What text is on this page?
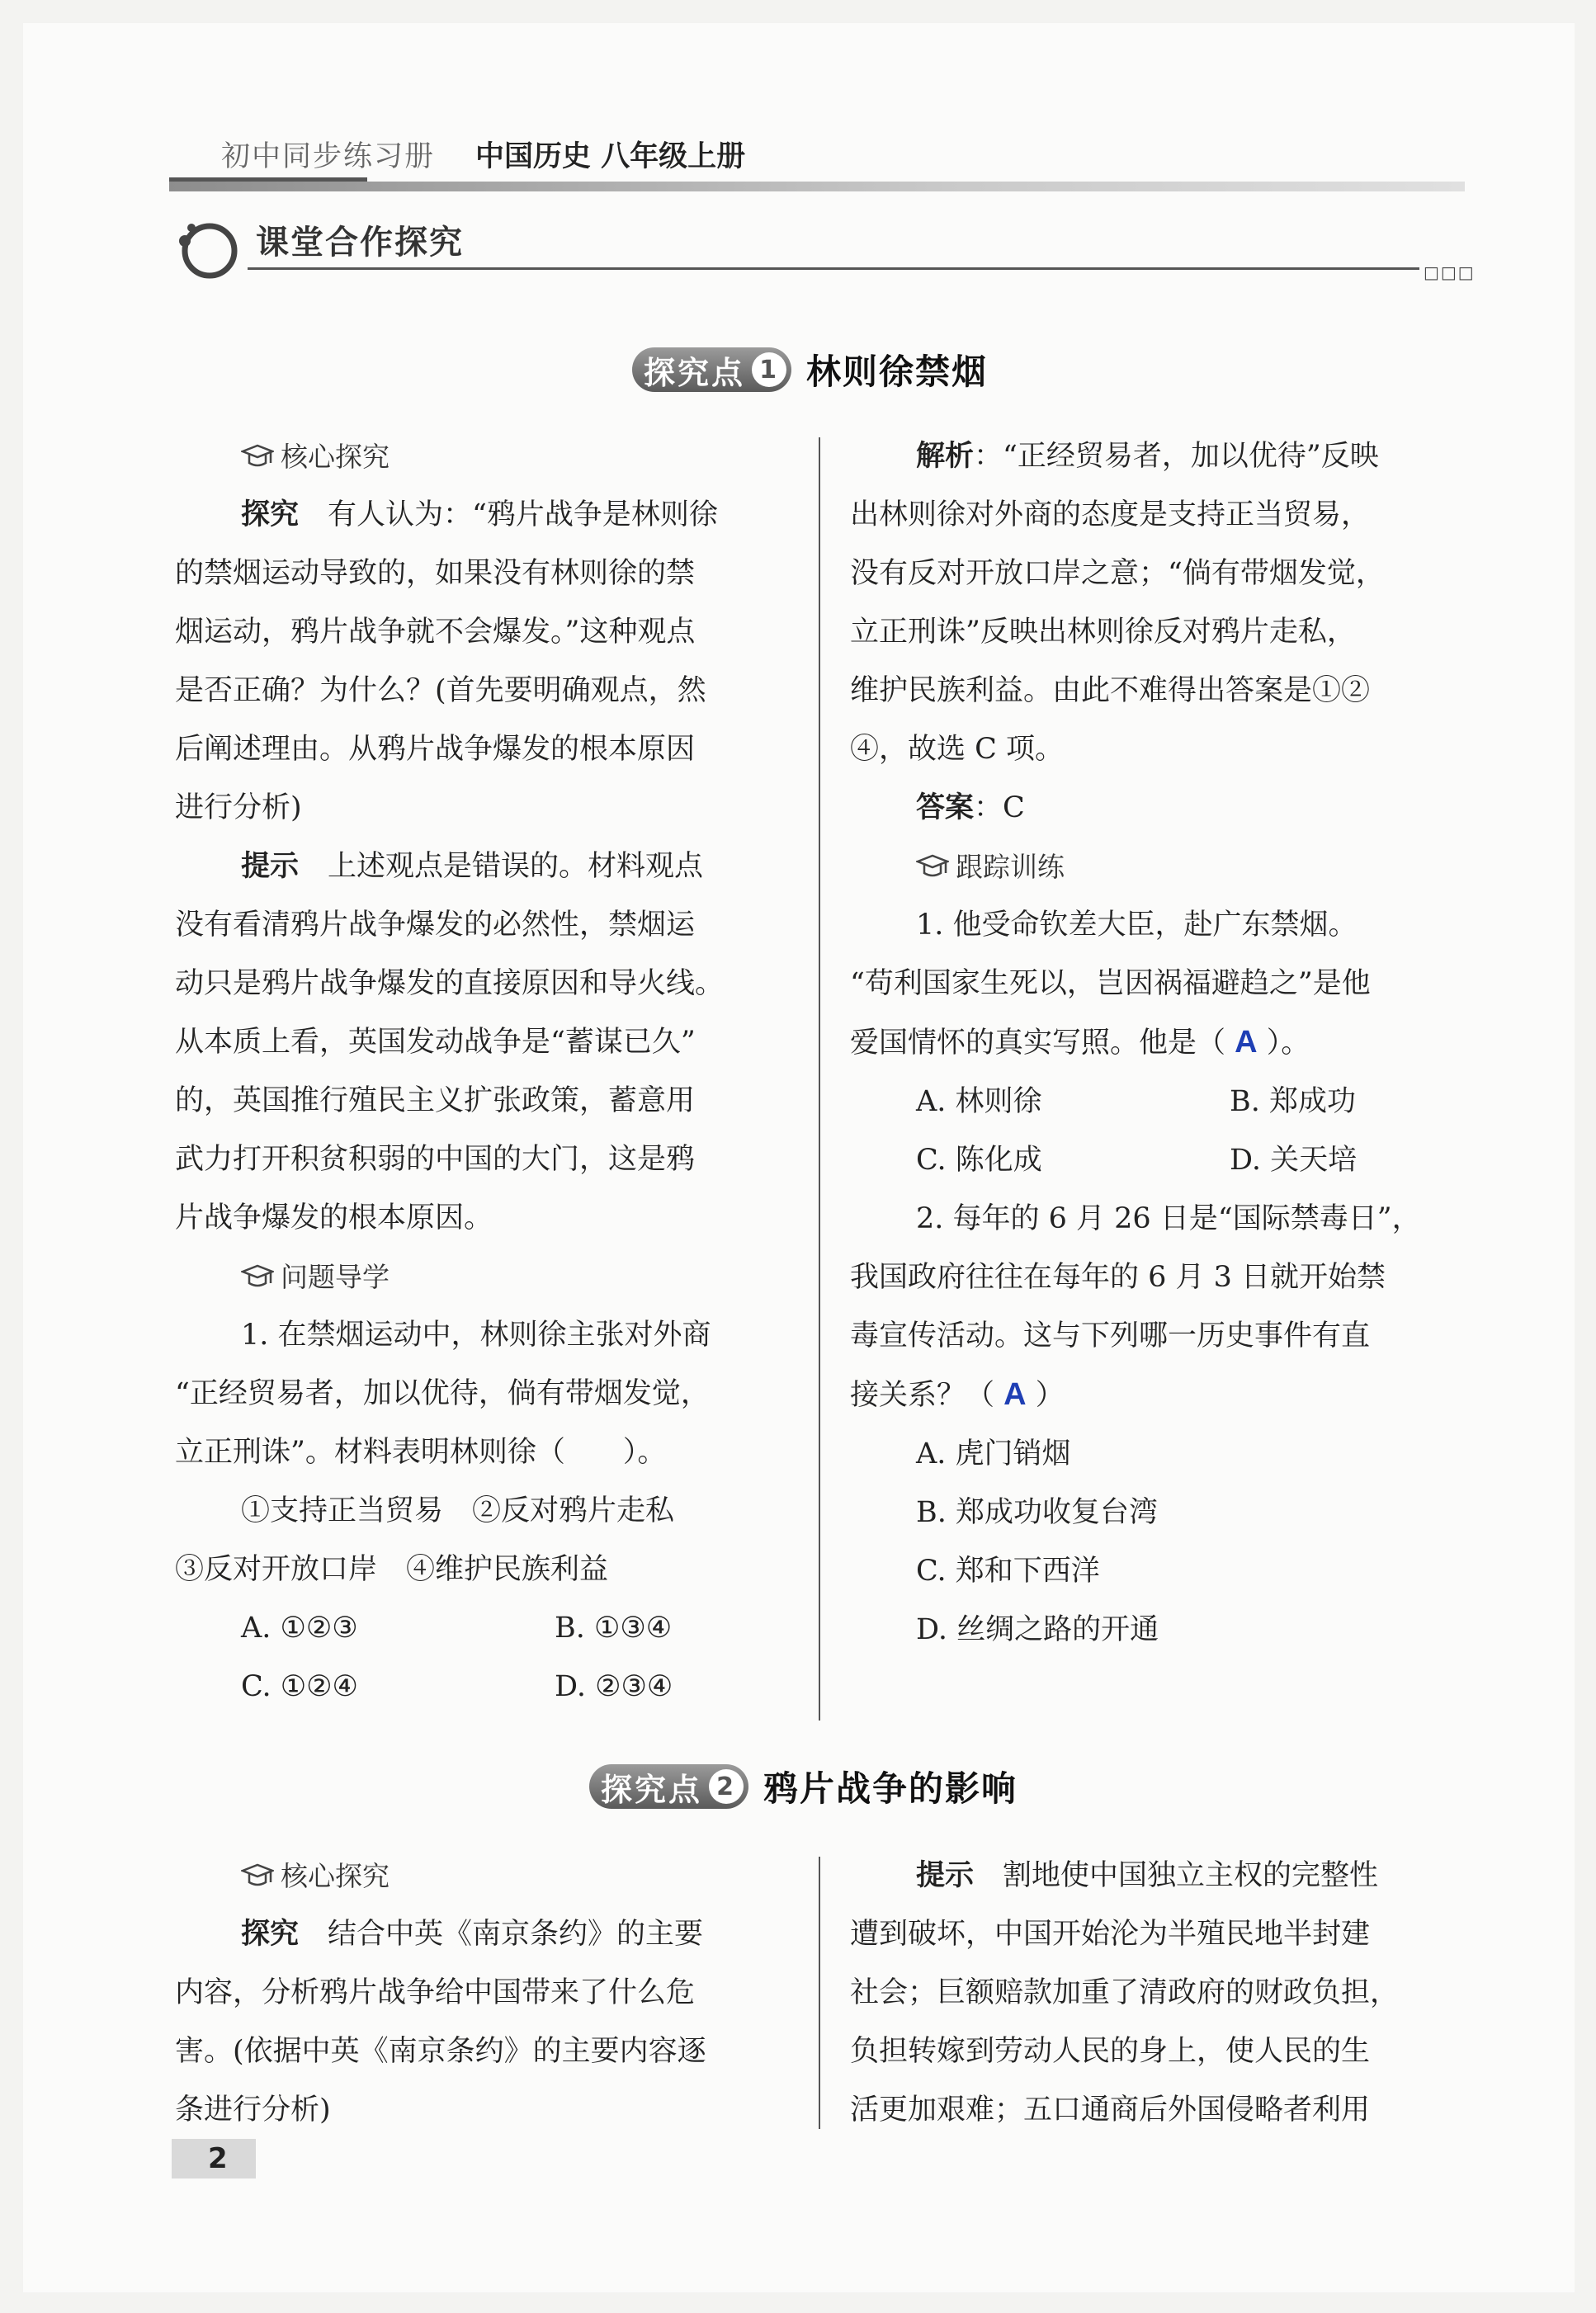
初中同步练习册 中国历史 八年级上册
课堂合作探究
□□□
探究点 1 林则徐禁烟
核心探究

探究　 有人认为：“鸦片战争是林则徐

的禁烟运动导致的，如果没有林则徐的禁

烟运动，鸦片战争就不会爆发。”这种观点

是否正确？为什么？(首先要明确观点，然

后阐述理由。从鸦片战争爆发的根本原因

进行分析)

提示　 上述观点是错误的。材料观点

没有看清鸦片战争爆发的必然性，禁烟运

动只是鸦片战争爆发的直接原因和导火线。

从本质上看，英国发动战争是“蓄谋已久”

的，英国推行殖民主义扩张政策，蓄意用

武力打开积贫积弱的中国的大门，这是鸦

片战争爆发的根本原因。

问题导学

1. 在禁烟运动中，林则徐主张对外商

“正经贸易者，加以优待，倘有带烟发觉，

立正刑诛”。材料表明林则徐（　　）。

①支持正当贸易　②反对鸦片走私

③反对开放口岸　④维护民族利益

A. ①②③	B. ①③④
C. ①②④	D. ②③④

解析：“正经贸易者，加以优待”反映

出林则徐对外商的态度是支持正当贸易，

没有反对开放口岸之意；“倘有带烟发觉，

立正刑诛”反映出林则徐反对鸦片走私，

维护民族利益。由此不难得出答案是①②

④，故选 C 项。

答案：C

跟踪训练

1. 他受命钦差大臣，赴广东禁烟。

“苟利国家生死以，岂因祸福避趋之”是他

爱国情怀的真实写照。他是（ A ）。

A. 林则徐	B. 郑成功
C. 陈化成	D. 关天培

2. 每年的 6 月 26 日是“国际禁毒日”，

我国政府往往在每年的 6 月 3 日就开始禁

毒宣传活动。这与下列哪一历史事件有直

接关系？（ A ）

A. 虎门销烟
B. 郑成功收复台湾
C. 郑和下西洋
D. 丝绸之路的开通
探究点 2 鸦片战争的影响
核心探究

探究　 结合中英《南京条约》的主要

内容，分析鸦片战争给中国带来了什么危

害。(依据中英《南京条约》的主要内容逐

条进行分析)

提示　 割地使中国独立主权的完整性

遭到破坏，中国开始沦为半殖民地半封建

社会；巨额赔款加重了清政府的财政负担，

负担转嫁到劳动人民的身上，使人民的生

活更加艰难；五口通商后外国侵略者利用

2
